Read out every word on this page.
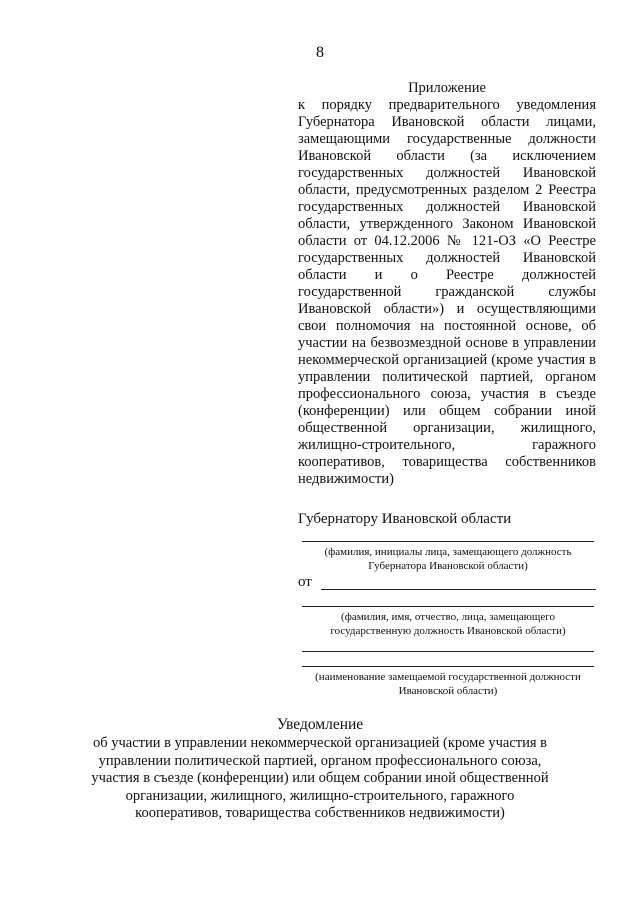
8
Приложение
к порядку предварительного уведомления Губернатора Ивановской области лицами, замещающими государственные должности Ивановской области (за исключением государственных должностей Ивановской области, предусмотренных разделом 2 Реестра государственных должностей Ивановской области, утвержденного Законом Ивановской области от 04.12.2006 № 121-ОЗ «О Реестре государственных должностей Ивановской области и о Реестре должностей государственной гражданской службы Ивановской области») и осуществляющими свои полномочия на постоянной основе, об участии на безвозмездной основе в управлении некоммерческой организацией (кроме участия в управлении политической партией, органом профессионального союза, участия в съезде (конференции) или общем собрании иной общественной организации, жилищного, жилищно-строительного, гаражного кооперативов, товарищества собственников недвижимости)
Губернатору Ивановской области
(фамилия, инициалы лица, замещающего должность Губернатора Ивановской области)
от
(фамилия, имя, отчество, лица, замещающего государственную должность Ивановской области)
(наименование замещаемой государственной должности Ивановской области)
Уведомление
об участии в управлении некоммерческой организацией (кроме участия в управлении политической партией, органом профессионального союза, участия в съезде (конференции) или общем собрании иной общественной организации, жилищного, жилищно-строительного, гаражного кооперативов, товарищества собственников недвижимости)
